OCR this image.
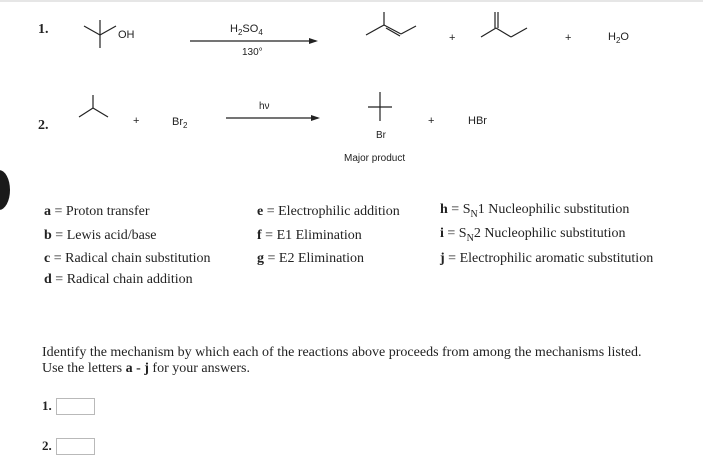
1.	OH	$H_2SO_4$
130°
+	+	$H_2O$
2.	+	$Br_2$
hν
Br
Major product
+	HBr
a = Proton transfer
b = Lewis acid/base
c = Radical chain substitution
d = Radical chain addition
e = Electrophilic addition
f = E1 Elimination
g = E2 Elimination
$h = S_N1$ Nucleophilic substitution
$i = S_N2$ Nucleophilic substitution
j = Electrophilic aromatic substitution
Identify the mechanism by which each of the reactions above proceeds from among the mechanisms listed.
Use the letters a - j for your answers.
1.
2.
